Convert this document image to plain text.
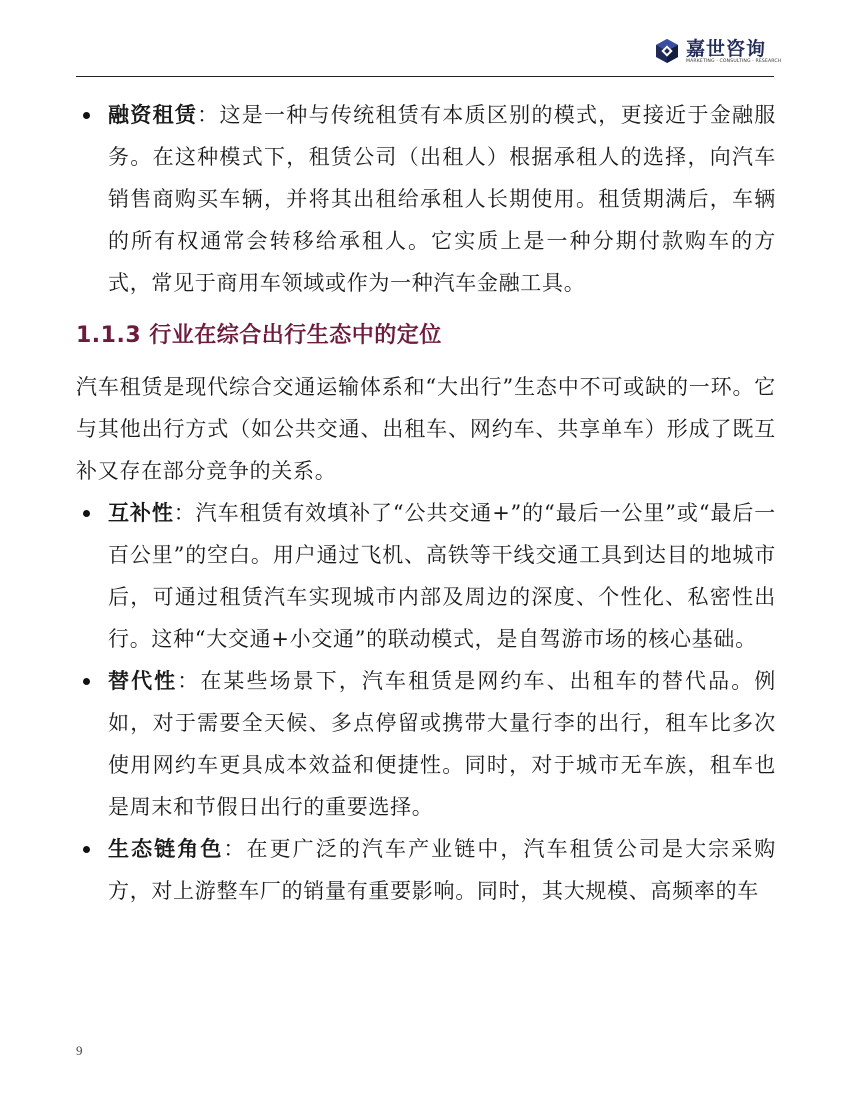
嘉世咨询
MARKETING · CONSULTING · RESEARCH

融资租赁：这是一种与传统租赁有本质区别的模式，更接近于金融服务。在这种模式下，租赁公司（出租人）根据承租人的选择，向汽车销售商购买车辆，并将其出租给承租人长期使用。租赁期满后，车辆的所有权通常会转移给承租人。它实质上是一种分期付款购车的方式，常见于商用车领域或作为一种汽车金融工具。

1.1.3 行业在综合出行生态中的定位

汽车租赁是现代综合交通运输体系和“大出行”生态中不可或缺的一环。它与其他出行方式（如公共交通、出租车、网约车、共享单车）形成了既互补又存在部分竞争的关系。

互补性：汽车租赁有效填补了“公共交通+”的“最后一公里”或“最后一百公里”的空白。用户通过飞机、高铁等干线交通工具到达目的地城市后，可通过租赁汽车实现城市内部及周边的深度、个性化、私密性出行。这种“大交通+小交通”的联动模式，是自驾游市场的核心基础。

替代性：在某些场景下，汽车租赁是网约车、出租车的替代品。例如，对于需要全天候、多点停留或携带大量行李的出行，租车比多次使用网约车更具成本效益和便捷性。同时，对于城市无车族，租车也是周末和节假日出行的重要选择。

生态链角色：在更广泛的汽车产业链中，汽车租赁公司是大宗采购方，对上游整车厂的销量有重要影响。同时，其大规模、高频率的车

9
